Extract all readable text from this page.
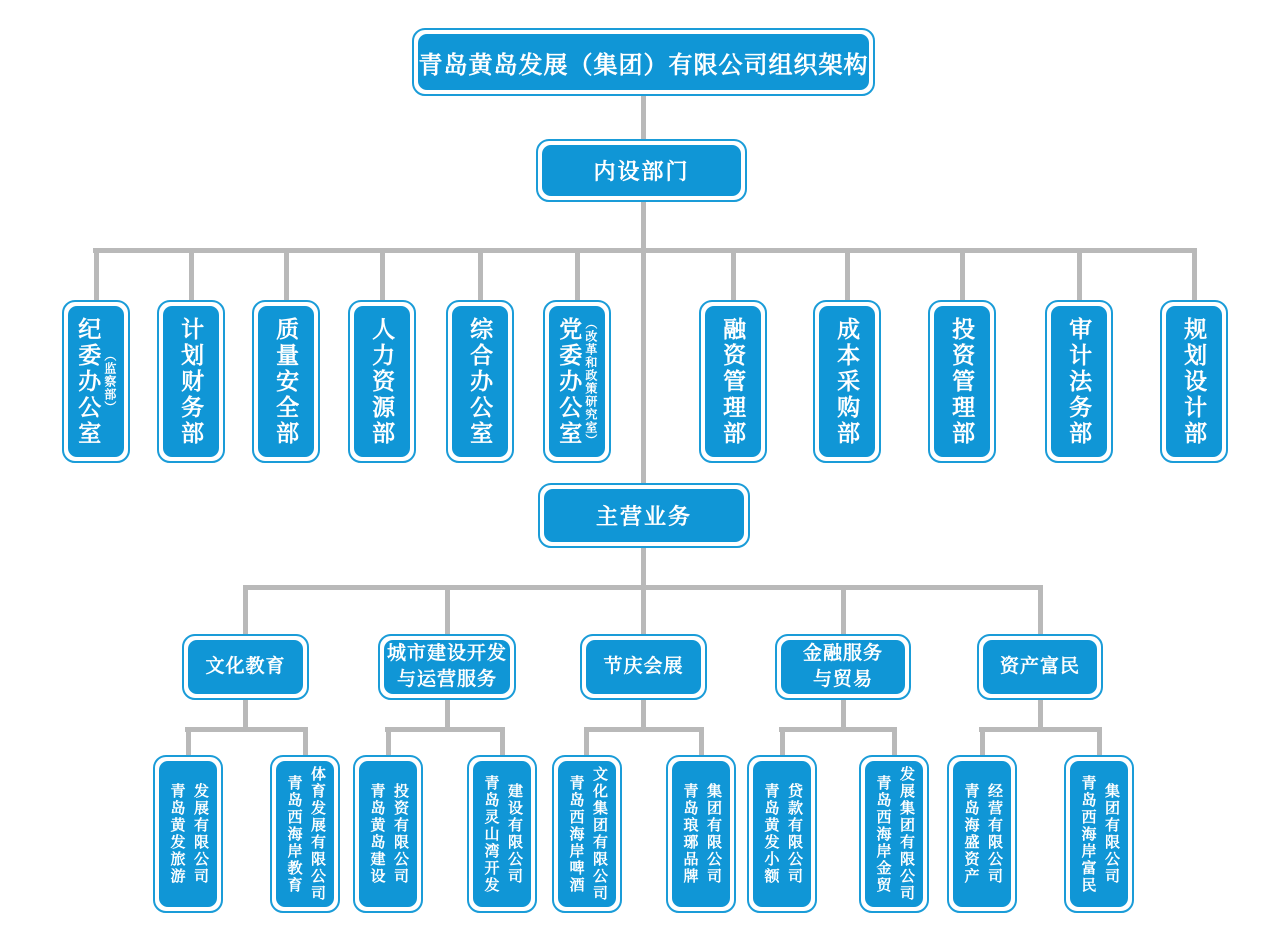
青岛黄岛发展（集团）有限公司组织架构
内设部门
纪委办公室 （监察部）	计划财务部	质量安全部	人力资源部	综合办公室	党委办公室 （改革和政策研究室）	融资管理部	成本采购部	投资管理部	审计法务部	规划设计部
主营业务
文化教育
城市建设开发
与运营服务
节庆会展
金融服务
与贸易
资产富民
青岛黄发旅游 发展有限公司	青岛西海岸教育 体育发展有限公司	青岛黄岛建设 投资有限公司	青岛灵山湾开发 建设有限公司	青岛西海岸啤酒 文化集团有限公司	青岛琅琊品牌 集团有限公司	青岛黄发小额 贷款有限公司	青岛西海岸金贸 发展集团有限公司	青岛海盛资产 经营有限公司	青岛西海岸富民 集团有限公司
